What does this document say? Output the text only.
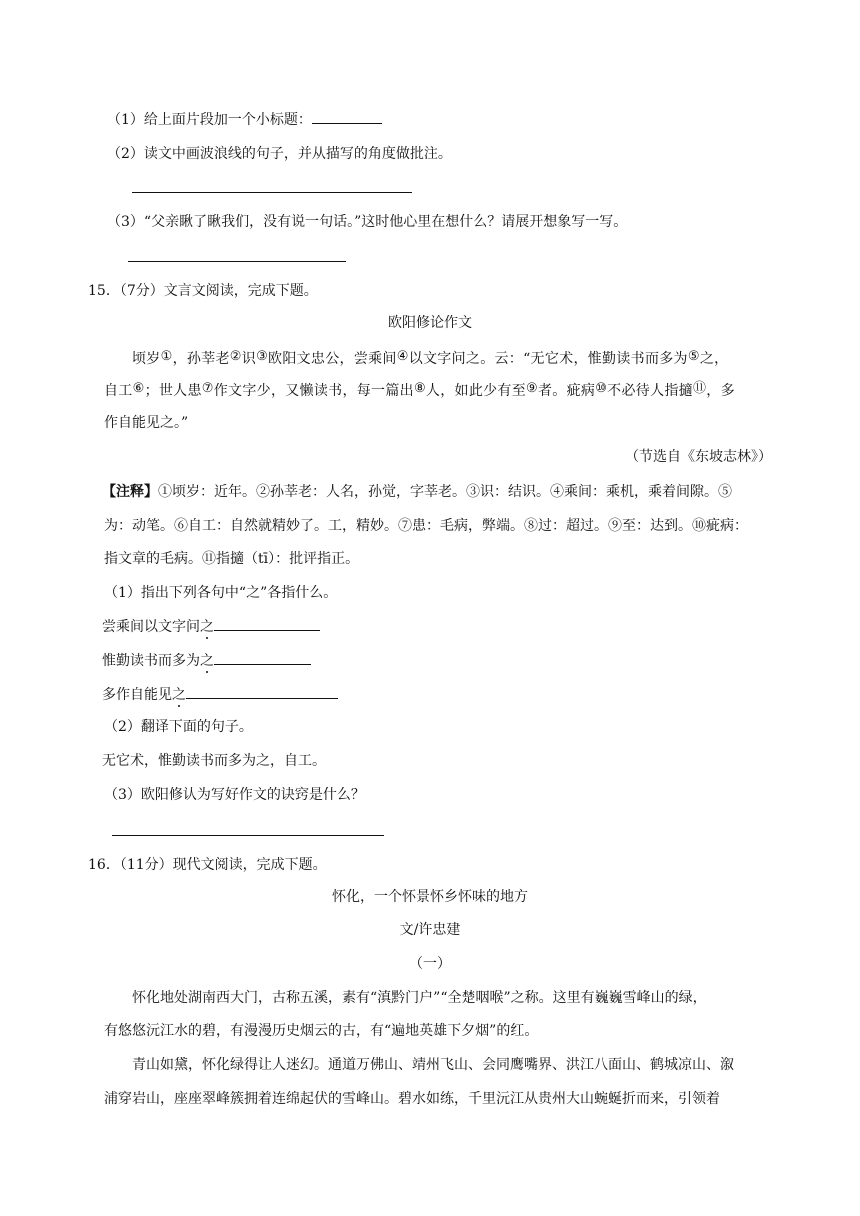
（1）给上面片段加一个小标题：
（2）读文中画波浪线的句子，并从描写的角度做批注。
（3）“父亲瞅了瞅我们，没有说一句话。”这时他心里在想什么？请展开想象写一写。
15．（7分）文言文阅读，完成下题。
欧阳修论作文
顷岁①，孙莘老②识③欧阳文忠公，尝乘间④以文字问之。云：“无它术，惟勤读书而多为⑤之，
自工⑥；世人患⑦作文字少，又懒读书，每一篇出⑧人，如此少有至⑨者。疵病⑩不必待人指擿⑪，多
作自能见之。”
（节选自《东坡志林》）
【注释】①顷岁：近年。②孙莘老：人名，孙觉，字莘老。③识：结识。④乘间：乘机，乘着间隙。⑤
为：动笔。⑥自工：自然就精妙了。工，精妙。⑦患：毛病，弊端。⑧过：超过。⑨至：达到。⑩疵病：
指文章的毛病。⑪指擿（tī）：批评指正。
（1）指出下列各句中“之”各指什么。
尝乘间以文字问之
惟勤读书而多为之
多作自能见之
（2）翻译下面的句子。
无它术，惟勤读书而多为之，自工。
（3）欧阳修认为写好作文的诀窍是什么？
16．（11分）现代文阅读，完成下题。
怀化，一个怀景怀乡怀味的地方
文/许忠建
（一）
怀化地处湖南西大门，古称五溪，素有“滇黔门户”“全楚咽喉”之称。这里有巍巍雪峰山的绿，
有悠悠沅江水的碧，有漫漫历史烟云的古，有“遍地英雄下夕烟”的红。
青山如黛，怀化绿得让人迷幻。通道万佛山、靖州飞山、会同鹰嘴界、洪江八面山、鹤城凉山、溆
浦穿岩山，座座翠峰簇拥着连绵起伏的雪峰山。碧水如练，千里沅江从贵州大山蜿蜒折而来，引领着
